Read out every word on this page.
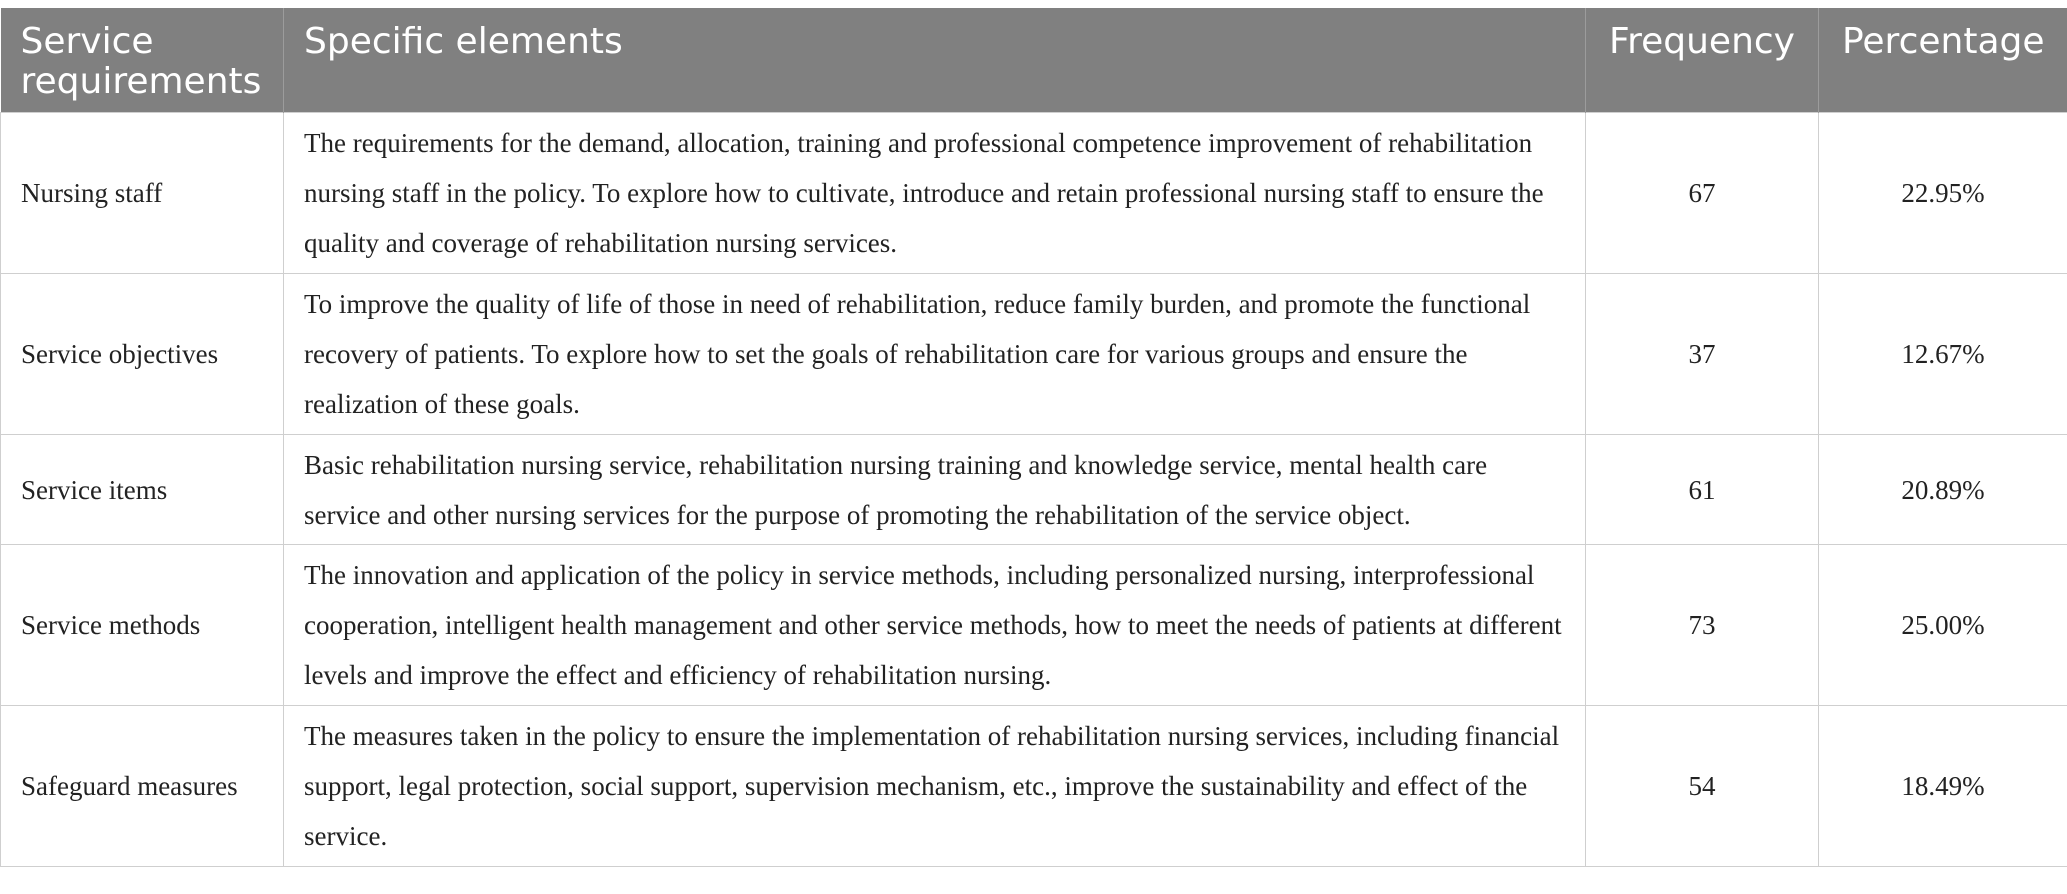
Service requirements	Specific elements	Frequency	Percentage
Nursing staff	The requirements for the demand, allocation, training and professional competence improvement of rehabilitation nursing staff in the policy. To explore how to cultivate, introduce and retain professional nursing staff to ensure the quality and coverage of rehabilitation nursing services.	67	22.95%
Service objectives	To improve the quality of life of those in need of rehabilitation, reduce family burden, and promote the functional recovery of patients. To explore how to set the goals of rehabilitation care for various groups and ensure the realization of these goals.	37	12.67%
Service items	Basic rehabilitation nursing service, rehabilitation nursing training and knowledge service, mental health care service and other nursing services for the purpose of promoting the rehabilitation of the service object.	61	20.89%
Service methods	The innovation and application of the policy in service methods, including personalized nursing, interprofessional cooperation, intelligent health management and other service methods, how to meet the needs of patients at different levels and improve the effect and efficiency of rehabilitation nursing.	73	25.00%
Safeguard measures	The measures taken in the policy to ensure the implementation of rehabilitation nursing services, including financial support, legal protection, social support, supervision mechanism, etc., improve the sustainability and effect of the service.	54	18.49%
